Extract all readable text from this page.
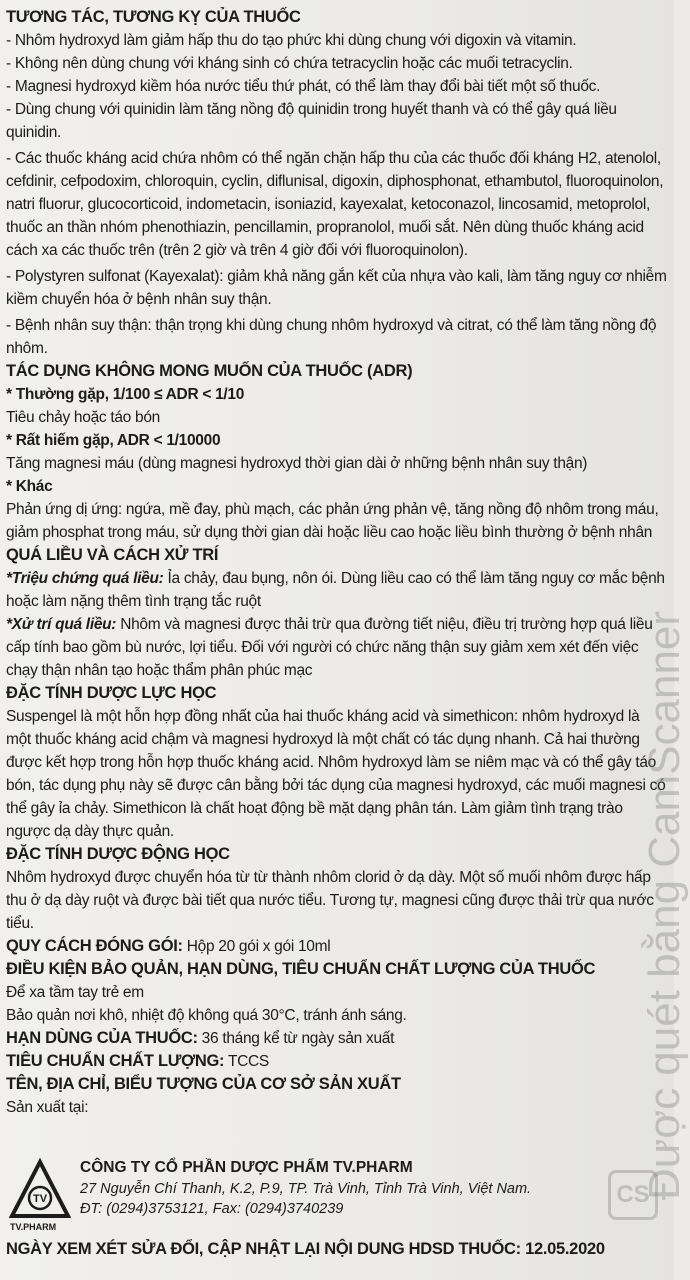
TƯƠNG TÁC, TƯƠNG KỴ CỦA THUỐC
- Nhôm hydroxyd làm giảm hấp thu do tạo phức khi dùng chung với digoxin và vitamin.
- Không nên dùng chung với kháng sinh có chứa tetracyclin hoặc các muối tetracyclin.
- Magnesi hydroxyd kiềm hóa nước tiểu thứ phát, có thể làm thay đổi bài tiết một số thuốc.
- Dùng chung với quinidin làm tăng nồng độ quinidin trong huyết thanh và có thể gây quá liều quinidin.
- Các thuốc kháng acid chứa nhôm có thể ngăn chặn hấp thu của các thuốc đối kháng H2, atenolol, cefdinir, cefpodoxim, chloroquin, cyclin, diflunisal, digoxin, diphosphonat, ethambutol, fluoroquinolon, natri fluorur, glucocorticoid, indometacin, isoniazid, kayexalat, ketoconazol, lincosamid, metoprolol, thuốc an thần nhóm phenothiazin, pencillamin, propranolol, muối sắt. Nên dùng thuốc kháng acid cách xa các thuốc trên (trên 2 giờ và trên 4 giờ đối với fluoroquinolon).
- Polystyren sulfonat (Kayexalat): giảm khả năng gắn kết của nhựa vào kali, làm tăng nguy cơ nhiễm kiềm chuyển hóa ở bệnh nhân suy thận.
- Bệnh nhân suy thận: thận trọng khi dùng chung nhôm hydroxyd và citrat, có thể làm tăng nồng độ nhôm.
TÁC DỤNG KHÔNG MONG MUỐN CỦA THUỐC (ADR)
* Thường gặp, 1/100 ≤ ADR < 1/10
Tiêu chảy hoặc táo bón
* Rất hiếm gặp, ADR < 1/10000
Tăng magnesi máu (dùng magnesi hydroxyd thời gian dài ở những bệnh nhân suy thận)
* Khác
Phản ứng dị ứng: ngứa, mề đay, phù mạch, các phản ứng phản vệ, tăng nồng độ nhôm trong máu, giảm phosphat trong máu, sử dụng thời gian dài hoặc liều cao hoặc liều bình thường ở bệnh nhân
QUÁ LIỀU VÀ CÁCH XỬ TRÍ
*Triệu chứng quá liều: Ỉa chảy, đau bụng, nôn ói. Dùng liều cao có thể làm tăng nguy cơ mắc bệnh hoặc làm nặng thêm tình trạng tắc ruột
*Xử trí quá liều: Nhôm và magnesi được thải trừ qua đường tiết niệu, điều trị trường hợp quá liều cấp tính bao gồm bù nước, lợi tiểu. Đối với người có chức năng thận suy giảm xem xét đến việc chạy thận nhân tạo hoặc thẩm phân phúc mạc
ĐẶC TÍNH DƯỢC LỰC HỌC
Suspengel là một hỗn hợp đồng nhất của hai thuốc kháng acid và simethicon: nhôm hydroxyd là một thuốc kháng acid chậm và magnesi hydroxyd là một chất có tác dụng nhanh. Cả hai thường được kết hợp trong hỗn hợp thuốc kháng acid. Nhôm hydroxyd làm se niêm mạc và có thể gây táo bón, tác dụng phụ này sẽ được cân bằng bởi tác dụng của magnesi hydroxyd, các muối magnesi có thể gây ỉa chảy. Simethicon là chất hoạt động bề mặt dạng phân tán. Làm giảm tình trạng trào ngược dạ dày thực quản.
ĐẶC TÍNH DƯỢC ĐỘNG HỌC
Nhôm hydroxyd được chuyển hóa từ từ thành nhôm clorid ở dạ dày. Một số muối nhôm được hấp thu ở dạ dày ruột và được bài tiết qua nước tiểu. Tương tự, magnesi cũng được thải trừ qua nước tiểu.
QUY CÁCH ĐÓNG GÓI: Hộp 20 gói x gói 10ml
ĐIỀU KIỆN BẢO QUẢN, HẠN DÙNG, TIÊU CHUẨN CHẤT LƯỢNG CỦA THUỐC
Để xa tầm tay trẻ em
Bảo quản nơi khô, nhiệt độ không quá 30°C, tránh ánh sáng.
HẠN DÙNG CỦA THUỐC: 36 tháng kể từ ngày sản xuất
TIÊU CHUẨN CHẤT LƯỢNG: TCCS
TÊN, ĐỊA CHỈ, BIỂU TƯỢNG CỦA CƠ SỞ SẢN XUẤT
Sản xuất tại:
TV
TV.PHARM
CÔNG TY CỔ PHẦN DƯỢC PHẨM TV.PHARM
27 Nguyễn Chí Thanh, K.2, P.9, TP. Trà Vinh, Tỉnh Trà Vinh, Việt Nam.
ĐT: (0294)3753121, Fax: (0294)3740239
NGÀY XEM XÉT SỬA ĐỔI, CẬP NHẬT LẠI NỘI DUNG HDSD THUỐC: 12.05.2020
Được quét bằng CamScanner
CS
